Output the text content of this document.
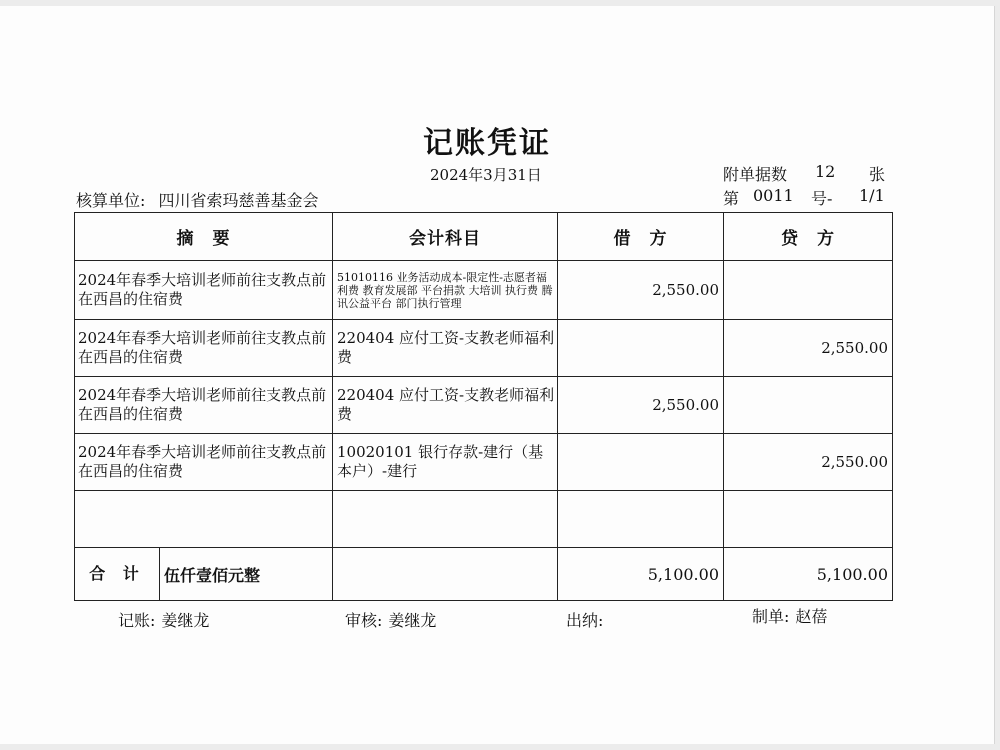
记账凭证
2024年3月31日	附单据数 12 张
核算单位: 四川省索玛慈善基金会	第 0011 号- 1/1
摘　要	会计科目	借　方	贷　方
2024年春季大培训老师前往支教点前在西昌的住宿费	51010116 业务活动成本-限定性-志愿者福利费 教育发展部 平台捐款 大培训 执行费 腾讯公益平台 部门执行管理	2,550.00	
2024年春季大培训老师前往支教点前在西昌的住宿费	220404 应付工资-支教老师福利费		2,550.00
2024年春季大培训老师前往支教点前在西昌的住宿费	220404 应付工资-支教老师福利费	2,550.00	
2024年春季大培训老师前往支教点前在西昌的住宿费	10020101 银行存款-建行（基本户）-建行		2,550.00

合 计 伍仟壹佰元整		5,100.00	5,100.00
记账: 姜继龙	审核: 姜继龙	出纳:	制单: 赵蓓
